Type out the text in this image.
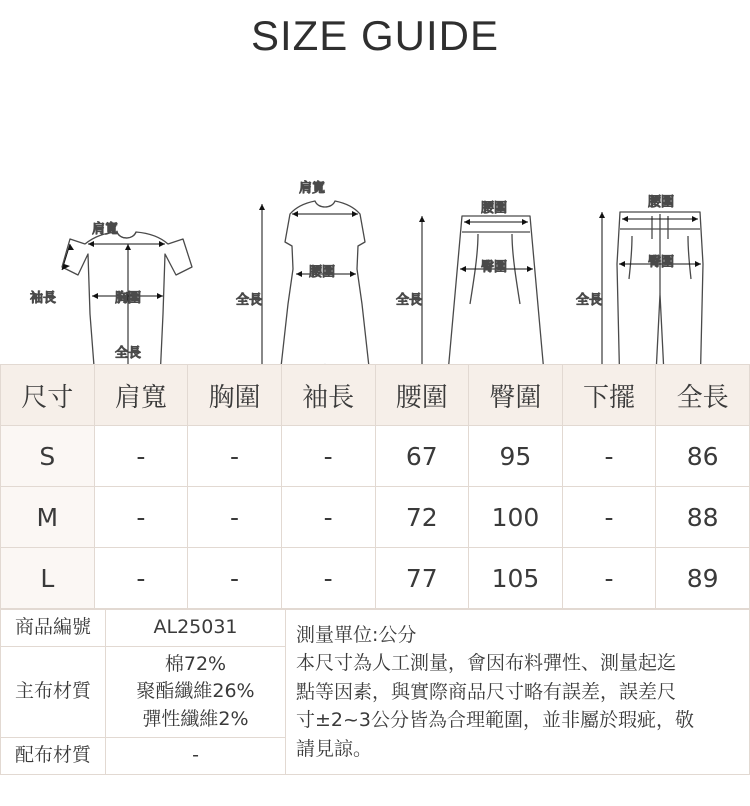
SIZE GUIDE
肩寬
袖長	胸圍
全長
肩寬
腰圍
全長
腰圍
臀圍
全長
腰圍
臀圍
全長
尺寸	肩寬	胸圍	袖長	腰圍	臀圍	下擺	全長
S	-	-	-	67	95	-	86
M	-	-	-	72	100	-	88
L	-	-	-	77	105	-	89
商品編號	AL25031	測量單位:公分
本尺寸為人工測量，會因布料彈性、測量起迄
點等因素，與實際商品尺寸略有誤差，誤差尺
寸±2~3公分皆為合理範圍，並非屬於瑕疵，敬
請見諒。

主布材質	棉72%
聚酯纖維26%
彈性纖維2%	

配布材質	-	
